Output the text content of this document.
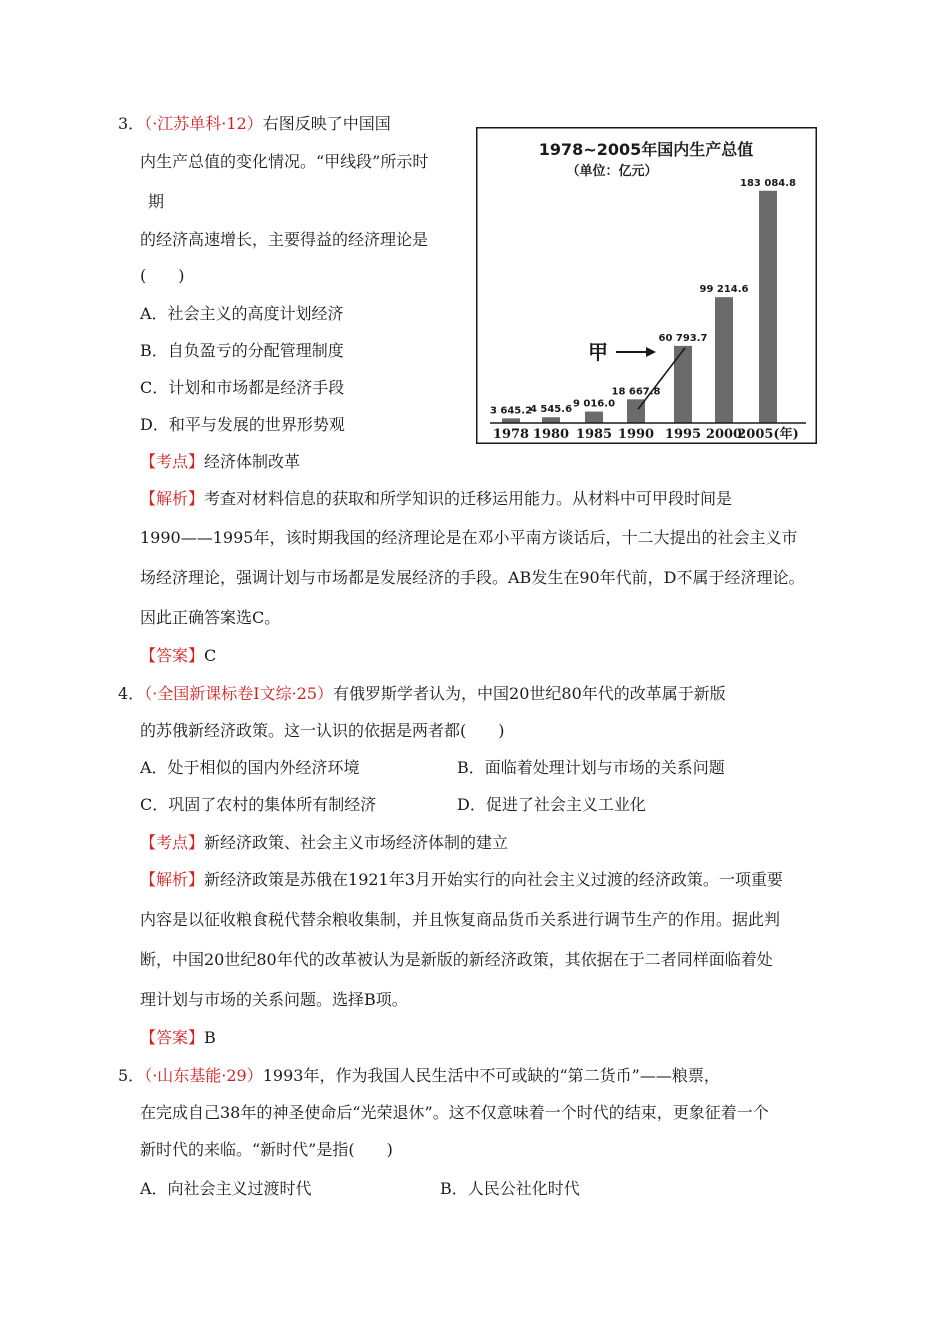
3．（·江苏单科·12）右图反映了中国国
内生产总值的变化情况。“甲线段”所示时
期
的经济高速增长，主要得益的经济理论是
(　　)
A．社会主义的高度计划经济
B．自负盈亏的分配管理制度
C．计划和市场都是经济手段
D．和平与发展的世界形势观
【考点】经济体制改革
【解析】考查对材料信息的获取和所学知识的迁移运用能力。从材料中可甲段时间是
1990——1995年，该时期我国的经济理论是在邓小平南方谈话后，十二大提出的社会主义市
场经济理论，强调计划与市场都是发展经济的手段。AB发生在90年代前，D不属于经济理论。
因此正确答案选C。
【答案】C
4．（·全国新课标卷Ⅰ文综·25）有俄罗斯学者认为，中国20世纪80年代的改革属于新版
的苏俄新经济政策。这一认识的依据是两者都(　　)
A．处于相似的国内外经济环境	B．面临着处理计划与市场的关系问题
C．巩固了农村的集体所有制经济	D．促进了社会主义工业化
【考点】新经济政策、社会主义市场经济体制的建立
【解析】新经济政策是苏俄在1921年3月开始实行的向社会主义过渡的经济政策。一项重要
内容是以征收粮食税代替余粮收集制，并且恢复商品货币关系进行调节生产的作用。据此判
断，中国20世纪80年代的改革被认为是新版的新经济政策，其依据在于二者同样面临着处
理计划与市场的关系问题。选择B项。
【答案】B
5．（·山东基能·29）1993年，作为我国人民生活中不可或缺的“第二货币”——粮票，
在完成自己38年的神圣使命后“光荣退休”。这不仅意味着一个时代的结束，更象征着一个
新时代的来临。“新时代”是指(　　)
A．向社会主义过渡时代	B．人民公社化时代
1978~2005年国内生产总值
（单位：亿元）
3 645.2
4 545.6
9 016.0
18 667.8
60 793.7
99 214.6
183 084.8
1978 1980 1985 1990 1995 2000
2005(年)
甲
